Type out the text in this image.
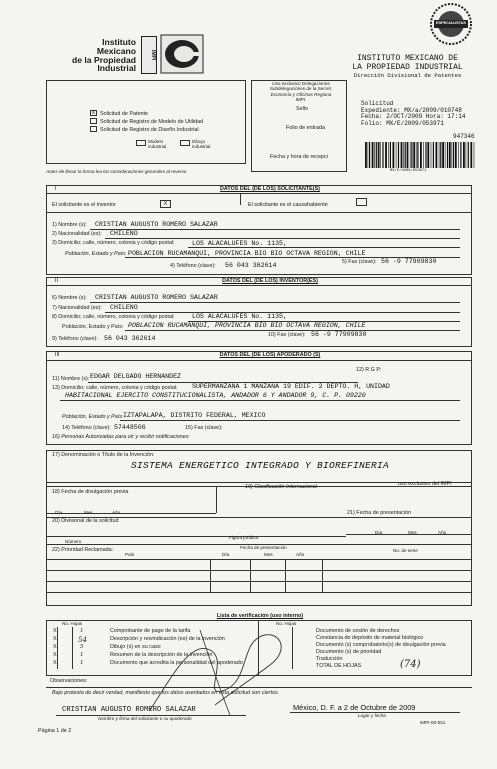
Instituto
Mexicano
de la Propiedad
Industrial
IMPI
ESPECIALISTAS
INSTITUTO MEXICANO DE
LA PROPIEDAD INDUSTRIAL
Dirección Divisional de Patentes
Solicitud
Expediente: MX/a/2009/010748
Fecha: 2/OCT/2009 Hora: 17:14
Folio: MX/E/2009/053971
947346
MX/E/2009/053971
X Solicitud de Patente
Solicitud de Registro de Modelo de Utilidad
Solicitud de Registro de Diseño Industrial
Modelo industrial
Dibujo industrial
Antes de llenar la forma lea las consideraciones generales al reverso
Uso exclusivo Delegaciones
Subdelegaciones de la Secret.
Economía y Oficinas Regiona
IMPI.
Sello
Folio de entrada
Fecha y hora de recepci
I	DATOS DEL (DE LOS) SOLICITANTE(S)
El solicitante es el inventor	X	El solicitante es el causahabiente
1) Nombre (s): CRISTIAN AUGUSTO ROMERO SALAZAR
2) Nacionalidad (es): CHILENO
3) Domicilio; calle, número, colonia y código postal:	LOS ALACALUFES No. 1135,
Población, Estado y País: POBLACION RUCAMANQUI, PROVINCIA BIO BIO OCTAVA REGION, CHILE
4) Teléfono (clave): 56 043 362614	5) Fax (clave): 56 -9 77909830
II	DATOS DEL (DE LOS) INVENTOR(ES)
6) Nombre (s): CRISTIAN AUGUSTO ROMERO SALAZAR
7) Nacionalidad (es): CHILENO
8) Domicilio; calle, número, colonia y código postal:	LOS ALACALUFES No. 1135,
Población, Estado y País: POBLACION RUCAMANQUI, PROVINCIA BIO BIO OCTAVA REGION, CHILE
9) Teléfono (clave): 56 043 362614	10) Fax (clave): 56 -9 77909830
III	DATOS DEL (DE LOS) APODERADO (S)
11) Nombre (s): EDGAR DELGADO HERNANDEZ
12) R G P:
13) Domicilio; calle, número, colonia y código postal: SUPERMANZANA 1 MANZANA 19 EDIF. 2 DEPTO. H, UNIDAD
HABITACIONAL EJERCITO CONSTITUCIONALISTA, ANDADOR 6 Y ANDADOR 9, C. P. 09220
Población, Estado y País: IZTAPALAPA, DISTRITO FEDERAL, MEXICO
14) Teléfono (clave): 57448506	15) Fax (clave):
16) Personas Autorizadas para oír y recibir notificaciones:
17) Denominación o Título de la Invención:
SISTEMA ENERGETICO INTEGRADO Y BIOREFINERIA
18) Fecha de divulgación previa
19) Clasificación Internacional	uso exclusivo del IMPI
Día	Mes	Año
20) Divisional de la solicitud
21) Fecha de presentación
Día	Mes	Año
Número
Figura jurídica
22) Prioridad Reclamada:
País
Fecha de presentación
Día	Mes	Año
No. de serie
Lista de verificación (uso interno)
No. Hojas	No. Hojas
X	1	Comprobante de pago de la tarifa
X	54	Descripción y reivindicación (es) de la invención
X	5	Dibujo (s) en su caso
X	1	Resumen de la descripción de la invención
X	1	Documento que acredita la personalidad del apoderado
Documento de cesión de derechos
Constancia de depósito de material biológico
Documento (s) comprobatorio(s) de divulgación previa
Documento (s) de prioridad
Traducción
TOTAL DE HOJAS	(74)
Observaciones:
Bajo protesta de decir verdad, manifiesto que los datos asentados en esta solicitud son ciertos.
CRISTIAN AUGUSTO ROMERO SALAZAR
Nombre y firma del solicitante o su apoderado
México, D. F. a 2 de Octubre de 2009
Lugar y fecha
IMPI-00-001
Página 1 de 2
